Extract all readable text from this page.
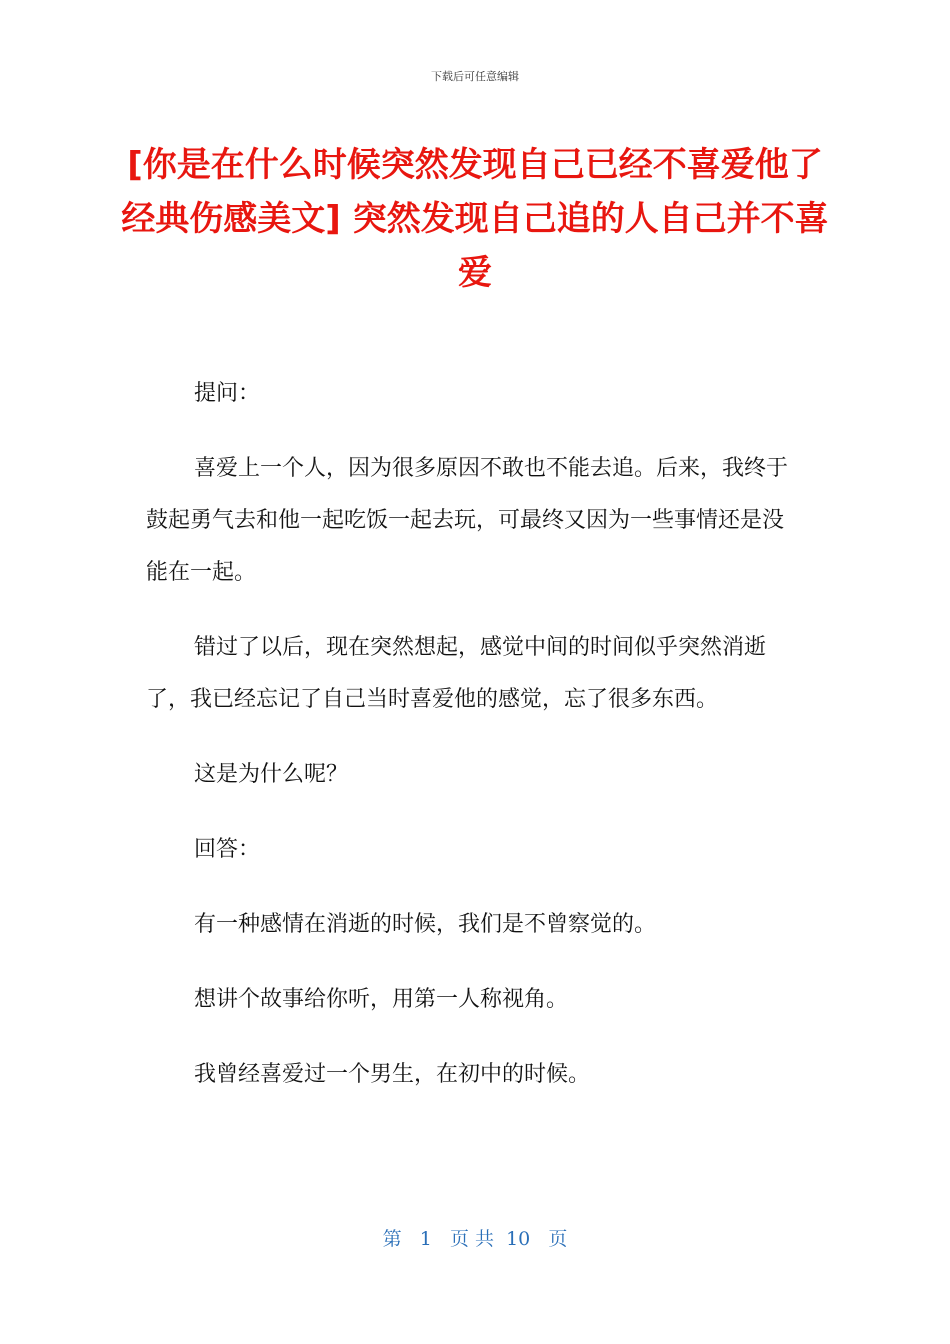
下载后可任意编辑
[你是在什么时候突然发现自己已经不喜爱他了经典伤感美文] 突然发现自己追的人自己并不喜爱

提问：

喜爱上一个人，因为很多原因不敢也不能去追。后来，我终于鼓起勇气去和他一起吃饭一起去玩，可最终又因为一些事情还是没能在一起。

错过了以后，现在突然想起，感觉中间的时间似乎突然消逝了，我已经忘记了自己当时喜爱他的感觉，忘了很多东西。

这是为什么呢？

回答：

有一种感情在消逝的时候，我们是不曾察觉的。

想讲个故事给你听，用第一人称视角。

我曾经喜爱过一个男生，在初中的时候。

第 1 页 共 10 页
